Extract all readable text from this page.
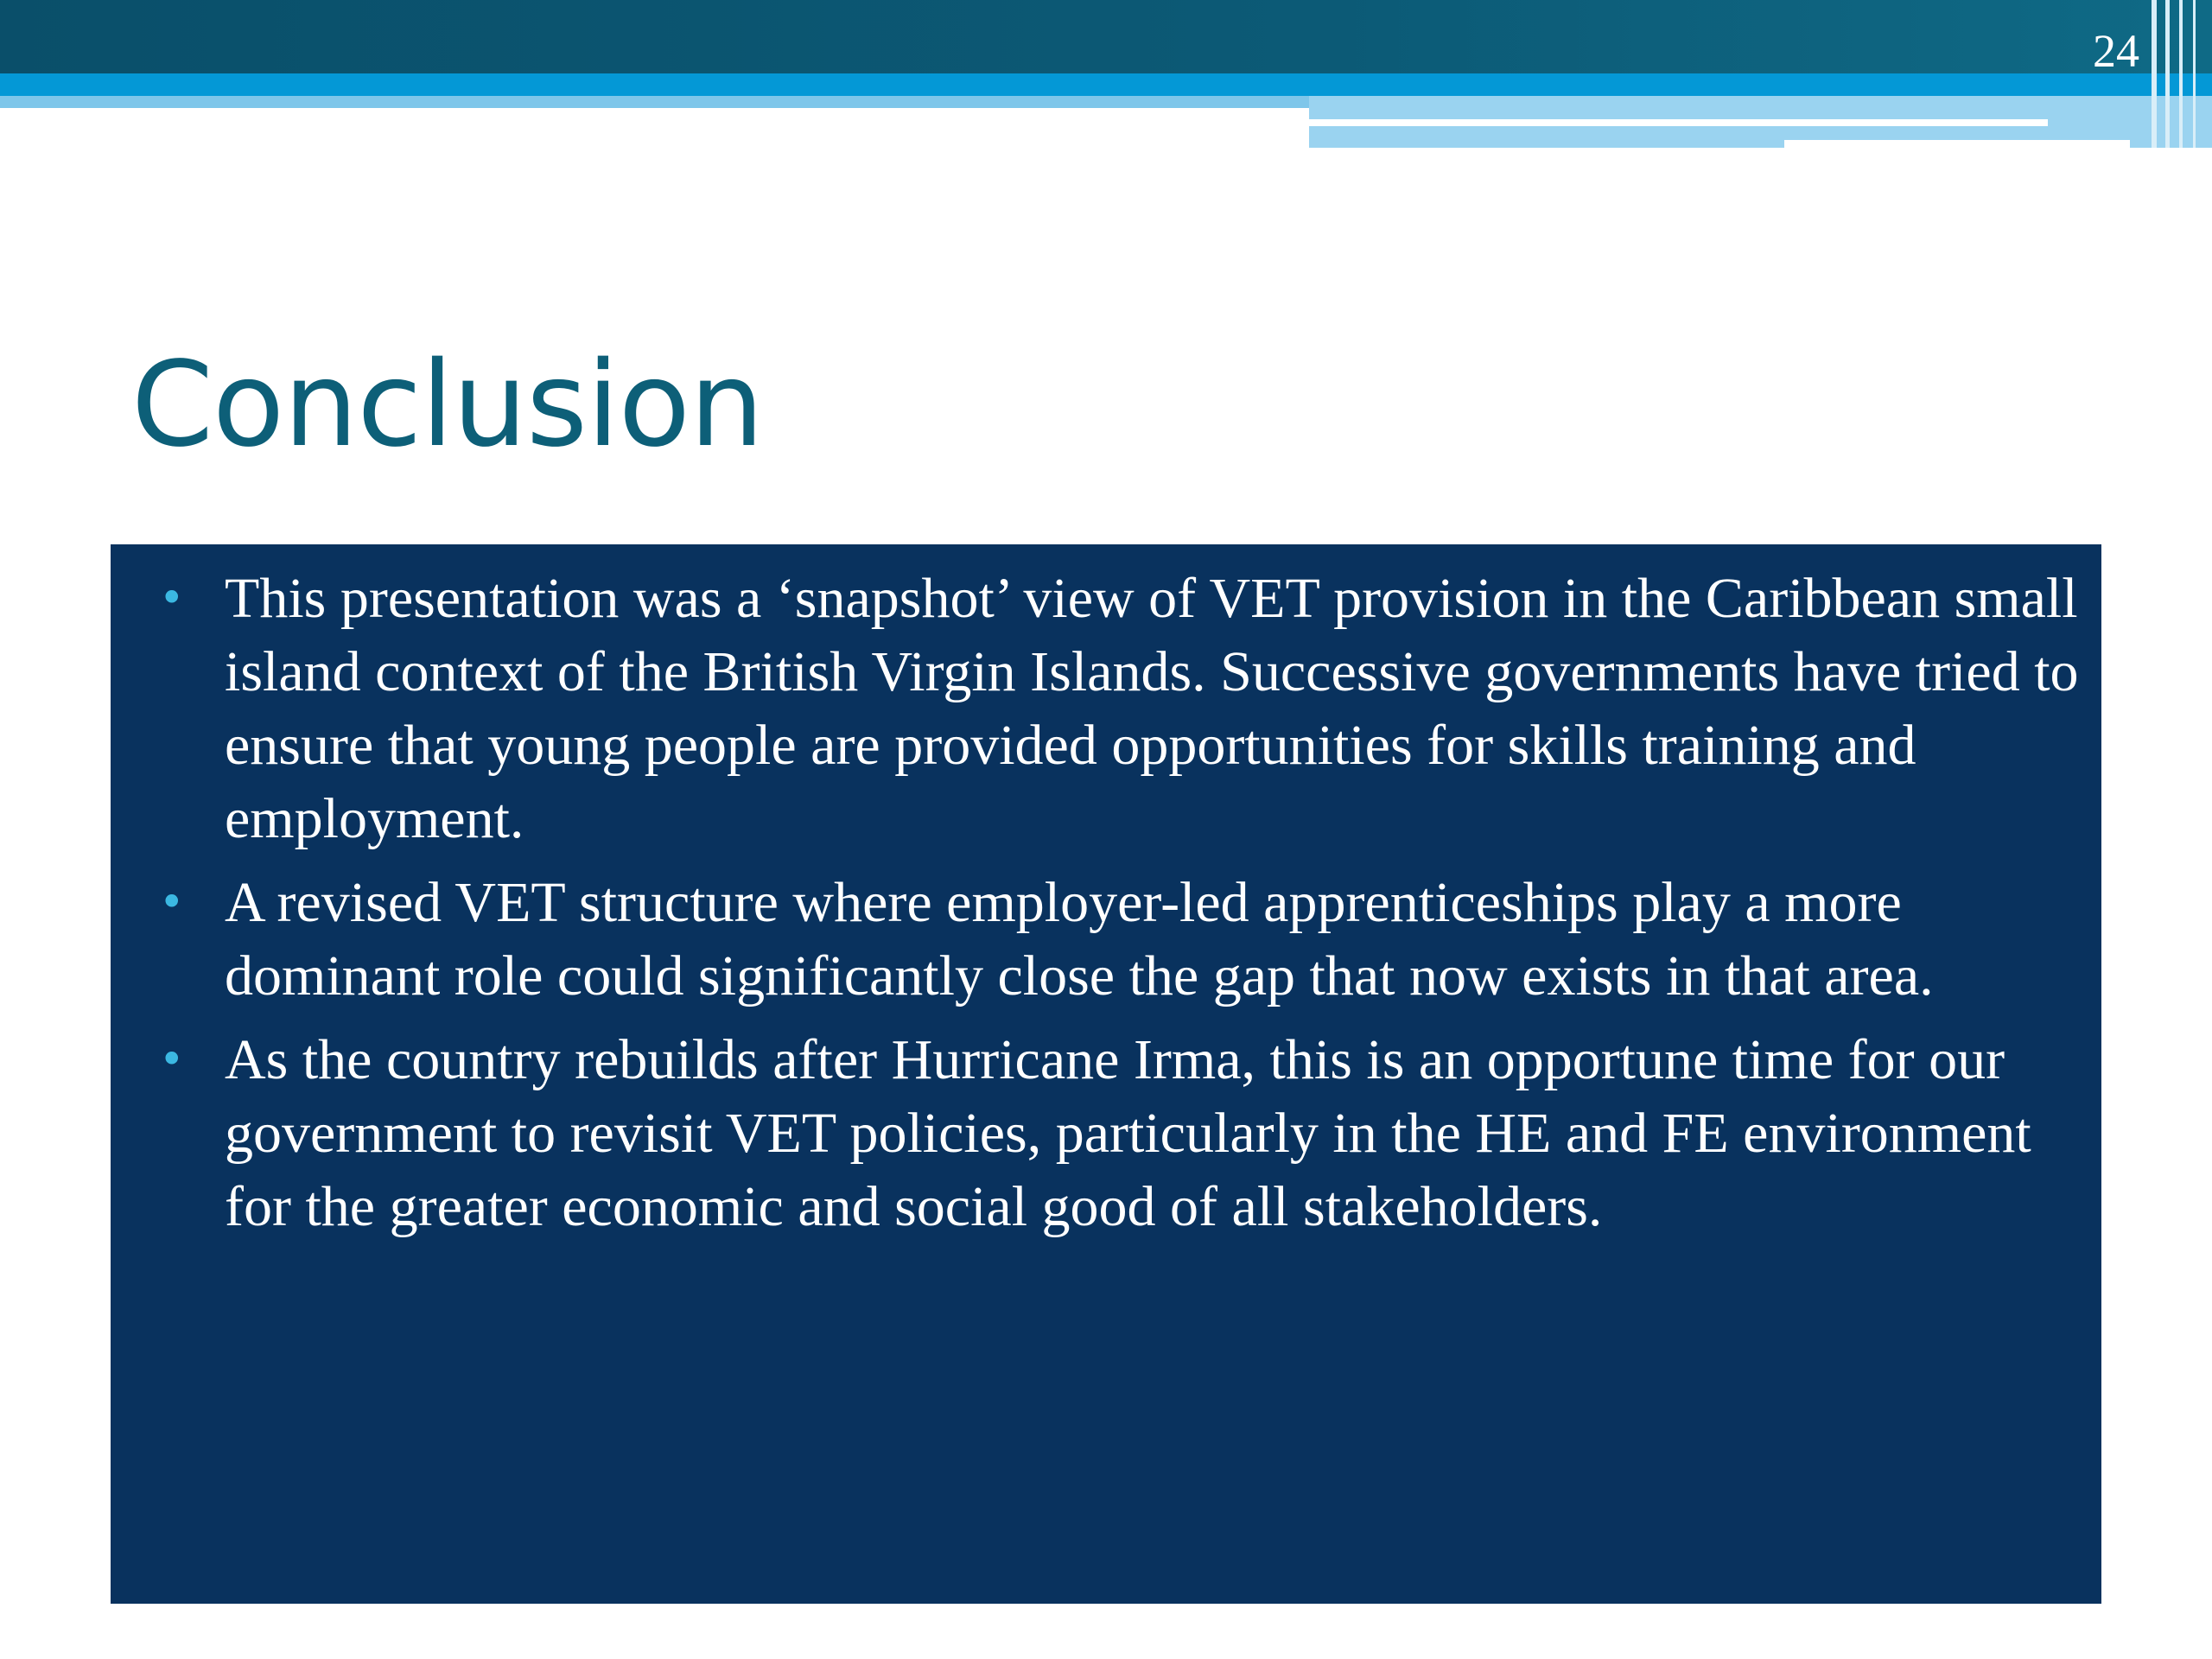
24
Conclusion
• This presentation was a ‘snapshot’ view of VET provision in the Caribbean small island context of the British Virgin Islands. Successive governments have tried to ensure that young people are provided opportunities for skills training and employment.
• A revised VET structure where employer-led apprenticeships play a more dominant role could significantly close the gap that now exists in that area.
• As the country rebuilds after Hurricane Irma, this is an opportune time for our government to revisit VET policies, particularly in the HE and FE environment for the greater economic and social good of all stakeholders.
